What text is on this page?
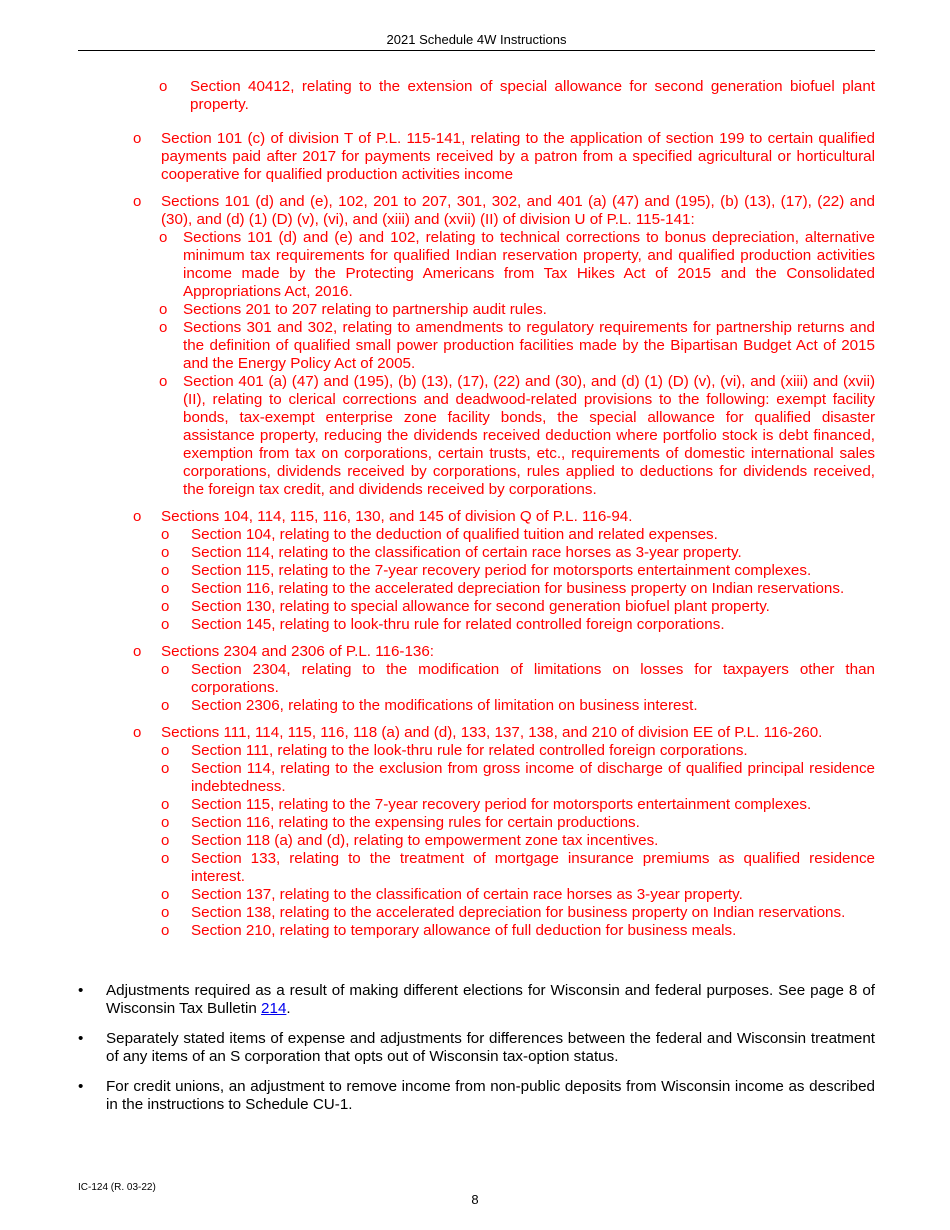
2021 Schedule 4W Instructions
o Section 40412, relating to the extension of special allowance for second generation biofuel plant property.
o Section 101 (c) of division T of P.L. 115-141, relating to the application of section 199 to certain qualified payments paid after 2017 for payments received by a patron from a specified agricultural or horticultural cooperative for qualified production activities income
o Sections 101 (d) and (e), 102, 201 to 207, 301, 302, and 401 (a) (47) and (195), (b) (13), (17), (22) and (30), and (d) (1) (D) (v), (vi), and (xiii) and (xvii) (II) of division U of P.L. 115-141:
o Sections 101 (d) and (e) and 102, relating to technical corrections to bonus depreciation, alternative minimum tax requirements for qualified Indian reservation property, and qualified production activities income made by the Protecting Americans from Tax Hikes Act of 2015 and the Consolidated Appropriations Act, 2016.
o Sections 201 to 207 relating to partnership audit rules.
o Sections 301 and 302, relating to amendments to regulatory requirements for partnership returns and the definition of qualified small power production facilities made by the Bipartisan Budget Act of 2015 and the Energy Policy Act of 2005.
o Section 401 (a) (47) and (195), (b) (13), (17), (22) and (30), and (d) (1) (D) (v), (vi), and (xiii) and (xvii) (II), relating to clerical corrections and deadwood-related provisions to the following: exempt facility bonds, tax-exempt enterprise zone facility bonds, the special allowance for qualified disaster assistance property, reducing the dividends received deduction where portfolio stock is debt financed, exemption from tax on corporations, certain trusts, etc., requirements of domestic international sales corporations, dividends received by corporations, rules applied to deductions for dividends received, the foreign tax credit, and dividends received by corporations.
o Sections 104, 114, 115, 116, 130, and 145 of division Q of P.L. 116-94.
o Section 104, relating to the deduction of qualified tuition and related expenses.
o Section 114, relating to the classification of certain race horses as 3-year property.
o Section 115, relating to the 7-year recovery period for motorsports entertainment complexes.
o Section 116, relating to the accelerated depreciation for business property on Indian reservations.
o Section 130, relating to special allowance for second generation biofuel plant property.
o Section 145, relating to look-thru rule for related controlled foreign corporations.
o Sections 2304 and 2306 of P.L. 116-136:
o Section 2304, relating to the modification of limitations on losses for taxpayers other than corporations.
o Section 2306, relating to the modifications of limitation on business interest.
o Sections 111, 114, 115, 116, 118 (a) and (d), 133, 137, 138, and 210 of division EE of P.L. 116-260.
o Section 111, relating to the look-thru rule for related controlled foreign corporations.
o Section 114, relating to the exclusion from gross income of discharge of qualified principal residence indebtedness.
o Section 115, relating to the 7-year recovery period for motorsports entertainment complexes.
o Section 116, relating to the expensing rules for certain productions.
o Section 118 (a) and (d), relating to empowerment zone tax incentives.
o Section 133, relating to the treatment of mortgage insurance premiums as qualified residence interest.
o Section 137, relating to the classification of certain race horses as 3-year property.
o Section 138, relating to the accelerated depreciation for business property on Indian reservations.
o Section 210, relating to temporary allowance of full deduction for business meals.
• Adjustments required as a result of making different elections for Wisconsin and federal purposes. See page 8 of Wisconsin Tax Bulletin 214.
• Separately stated items of expense and adjustments for differences between the federal and Wisconsin treatment of any items of an S corporation that opts out of Wisconsin tax-option status.
• For credit unions, an adjustment to remove income from non-public deposits from Wisconsin income as described in the instructions to Schedule CU-1.
IC-124 (R. 03-22)
8
